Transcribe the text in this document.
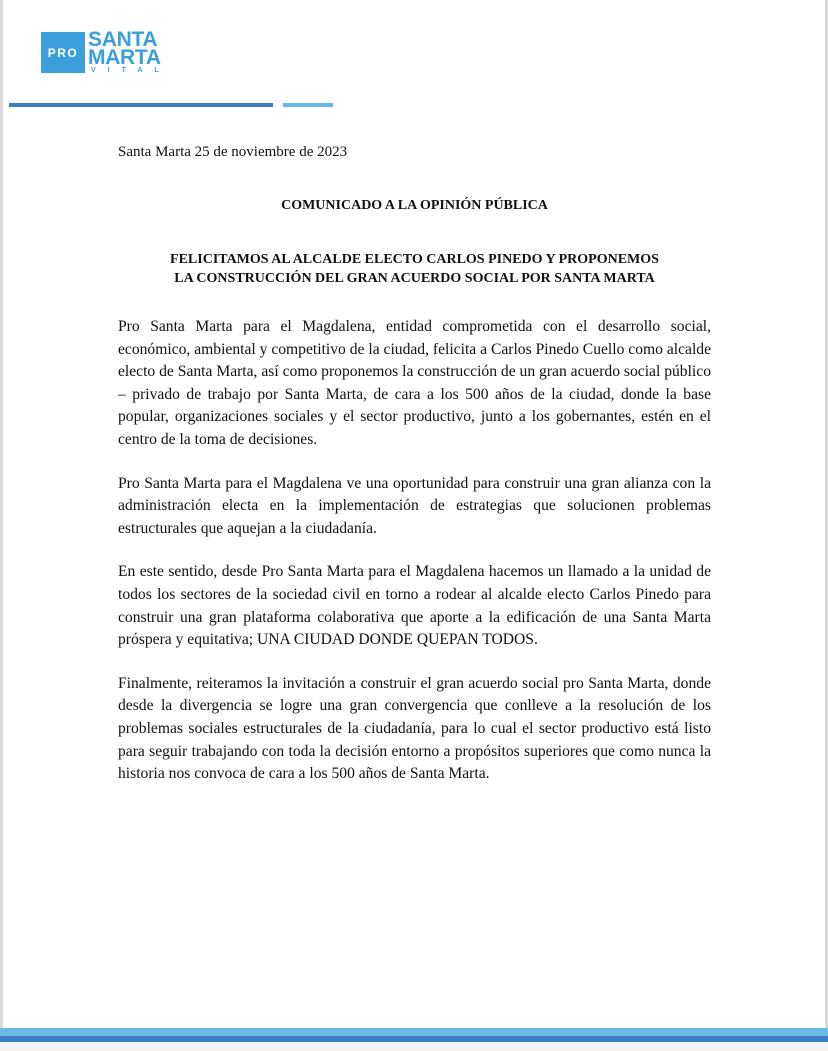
PRO
SANTA
MARTA
VITAL
Santa Marta 25 de noviembre de 2023
COMUNICADO A LA OPINIÓN PÚBLICA
FELICITAMOS AL ALCALDE ELECTO CARLOS PINEDO Y PROPONEMOS
LA CONSTRUCCIÓN DEL GRAN ACUERDO SOCIAL POR SANTA MARTA

Pro Santa Marta para el Magdalena, entidad comprometida con el desarrollo social, económico, ambiental y competitivo de la ciudad, felicita a Carlos Pinedo Cuello como alcalde electo de Santa Marta, así como proponemos la construcción de un gran acuerdo social público – privado de trabajo por Santa Marta, de cara a los 500 años de la ciudad, donde la base popular, organizaciones sociales y el sector productivo, junto a los gobernantes, estén en el centro de la toma de decisiones.

Pro Santa Marta para el Magdalena ve una oportunidad para construir una gran alianza con la administración electa en la implementación de estrategias que solucionen problemas estructurales que aquejan a la ciudadanía.

En este sentido, desde Pro Santa Marta para el Magdalena hacemos un llamado a la unidad de todos los sectores de la sociedad civil en torno a rodear al alcalde electo Carlos Pinedo para construir una gran plataforma colaborativa que aporte a la edificación de una Santa Marta próspera y equitativa; UNA CIUDAD DONDE QUEPAN TODOS.

Finalmente, reiteramos la invitación a construir el gran acuerdo social pro Santa Marta, donde desde la divergencia se logre una gran convergencia que conlleve a la resolución de los problemas sociales estructurales de la ciudadanía, para lo cual el sector productivo está listo para seguir trabajando con toda la decisión entorno a propósitos superiores que como nunca la historia nos convoca de cara a los 500 años de Santa Marta.
